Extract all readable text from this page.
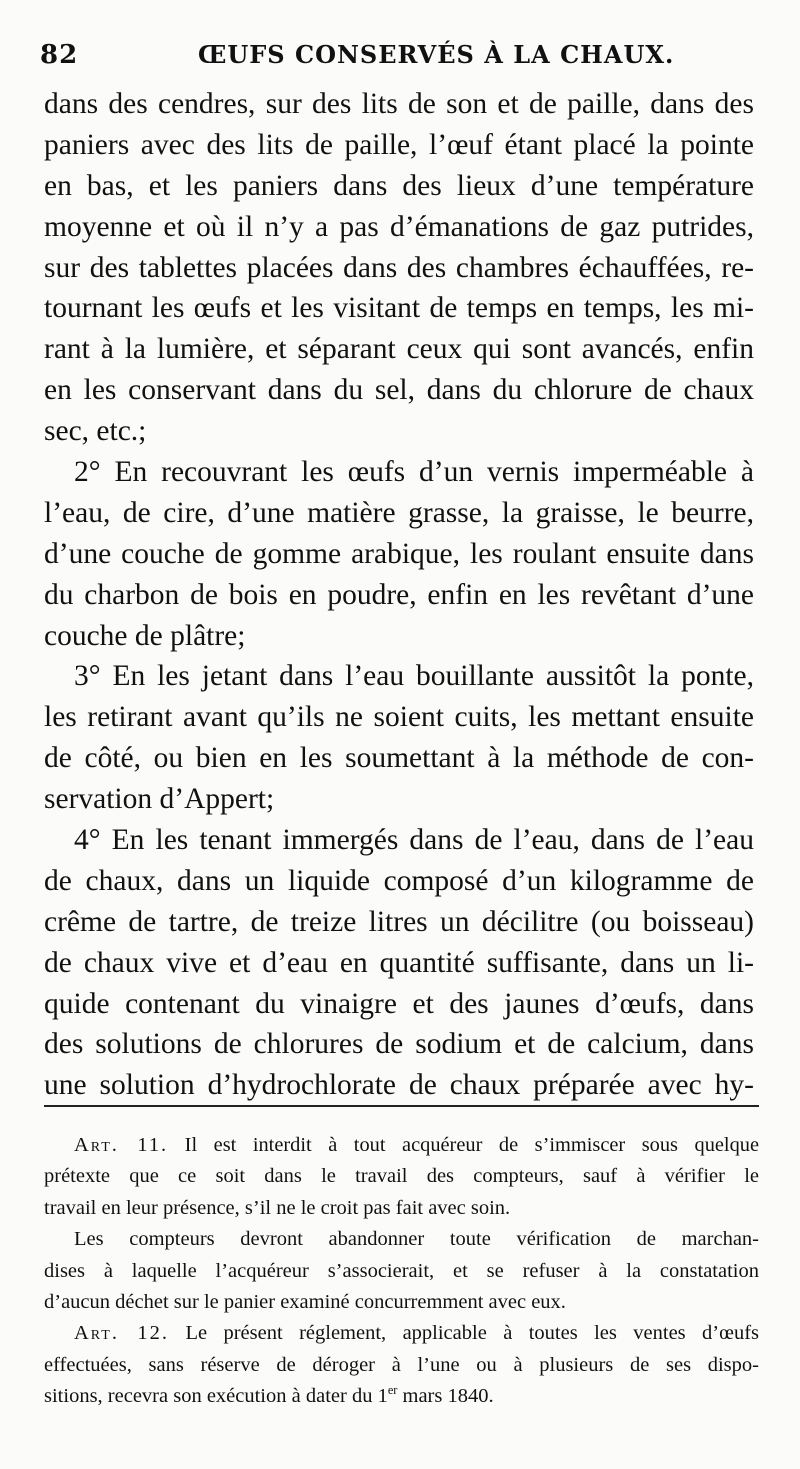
82	ŒUFS CONSERVÉS À LA CHAUX.
dans des cendres, sur des lits de son et de paille, dans des
paniers avec des lits de paille, l’œuf étant placé la pointe
en bas, et les paniers dans des lieux d’une température
moyenne et où il n’y a pas d’émanations de gaz putrides,
sur des tablettes placées dans des chambres échauffées, re-
tournant les œufs et les visitant de temps en temps, les mi-
rant à la lumière, et séparant ceux qui sont avancés, enfin
en les conservant dans du sel, dans du chlorure de chaux
sec, etc.;
2° En recouvrant les œufs d’un vernis imperméable à
l’eau, de cire, d’une matière grasse, la graisse, le beurre,
d’une couche de gomme arabique, les roulant ensuite dans
du charbon de bois en poudre, enfin en les revêtant d’une
couche de plâtre;
3° En les jetant dans l’eau bouillante aussitôt la ponte,
les retirant avant qu’ils ne soient cuits, les mettant ensuite
de côté, ou bien en les soumettant à la méthode de con-
servation d’Appert;
4° En les tenant immergés dans de l’eau, dans de l’eau
de chaux, dans un liquide composé d’un kilogramme de
crême de tartre, de treize litres un décilitre (ou boisseau)
de chaux vive et d’eau en quantité suffisante, dans un li-
quide contenant du vinaigre et des jaunes d’œufs, dans
des solutions de chlorures de sodium et de calcium, dans
une solution d’hydrochlorate de chaux préparée avec hy-
Art. 11. Il est interdit à tout acquéreur de s’immiscer sous quelque
prétexte que ce soit dans le travail des compteurs, sauf à vérifier le
travail en leur présence, s’il ne le croit pas fait avec soin.
Les compteurs devront abandonner toute vérification de marchan-
dises à laquelle l’acquéreur s’associerait, et se refuser à la constatation
d’aucun déchet sur le panier examiné concurremment avec eux.
Art. 12. Le présent réglement, applicable à toutes les ventes d’œufs
effectuées, sans réserve de déroger à l’une ou à plusieurs de ses dispo-
sitions, recevra son exécution à dater du 1er mars 1840.
